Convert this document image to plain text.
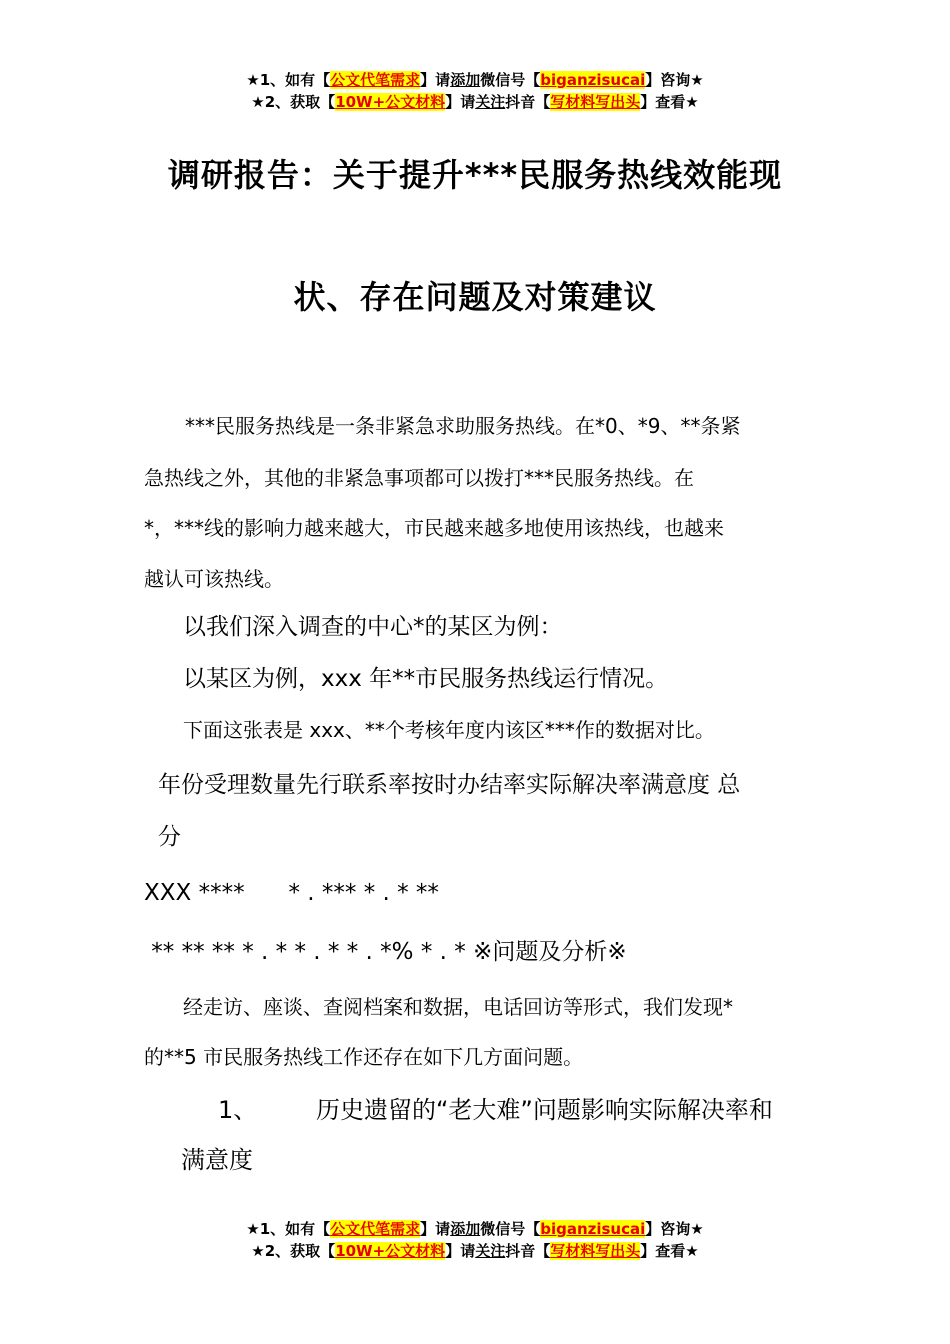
★1、如有【公文代笔需求】请添加微信号【biganzisucai】咨询★
★2、获取【10W+公文材料】请关注抖音【写材料写出头】查看★
调研报告：关于提升***民服务热线效能现
状、存在问题及对策建议
***民服务热线是一条非紧急求助服务热线。在*0、*9、**条紧
急热线之外，其他的非紧急事项都可以拨打***民服务热线。在
*，***线的影响力越来越大，市民越来越多地使用该热线，也越来
越认可该热线。
以我们深入调查的中心*的某区为例：
以某区为例，xxx 年**市民服务热线运行情况。
下面这张表是 xxx、**个考核年度内该区***作的数据对比。
年份受理数量先行联系率按时办结率实际解决率满意度 总
分
XXX ****      * . *** * . * **
** ** ** * . * * . * * . *% * . * ※问题及分析※
经走访、座谈、查阅档案和数据，电话回访等形式，我们发现*
的**5 市民服务热线工作还存在如下几方面问题。
1、 历史遗留的“老大难”问题影响实际解决率和
满意度
★1、如有【公文代笔需求】请添加微信号【biganzisucai】咨询★
★2、获取【10W+公文材料】请关注抖音【写材料写出头】查看★
